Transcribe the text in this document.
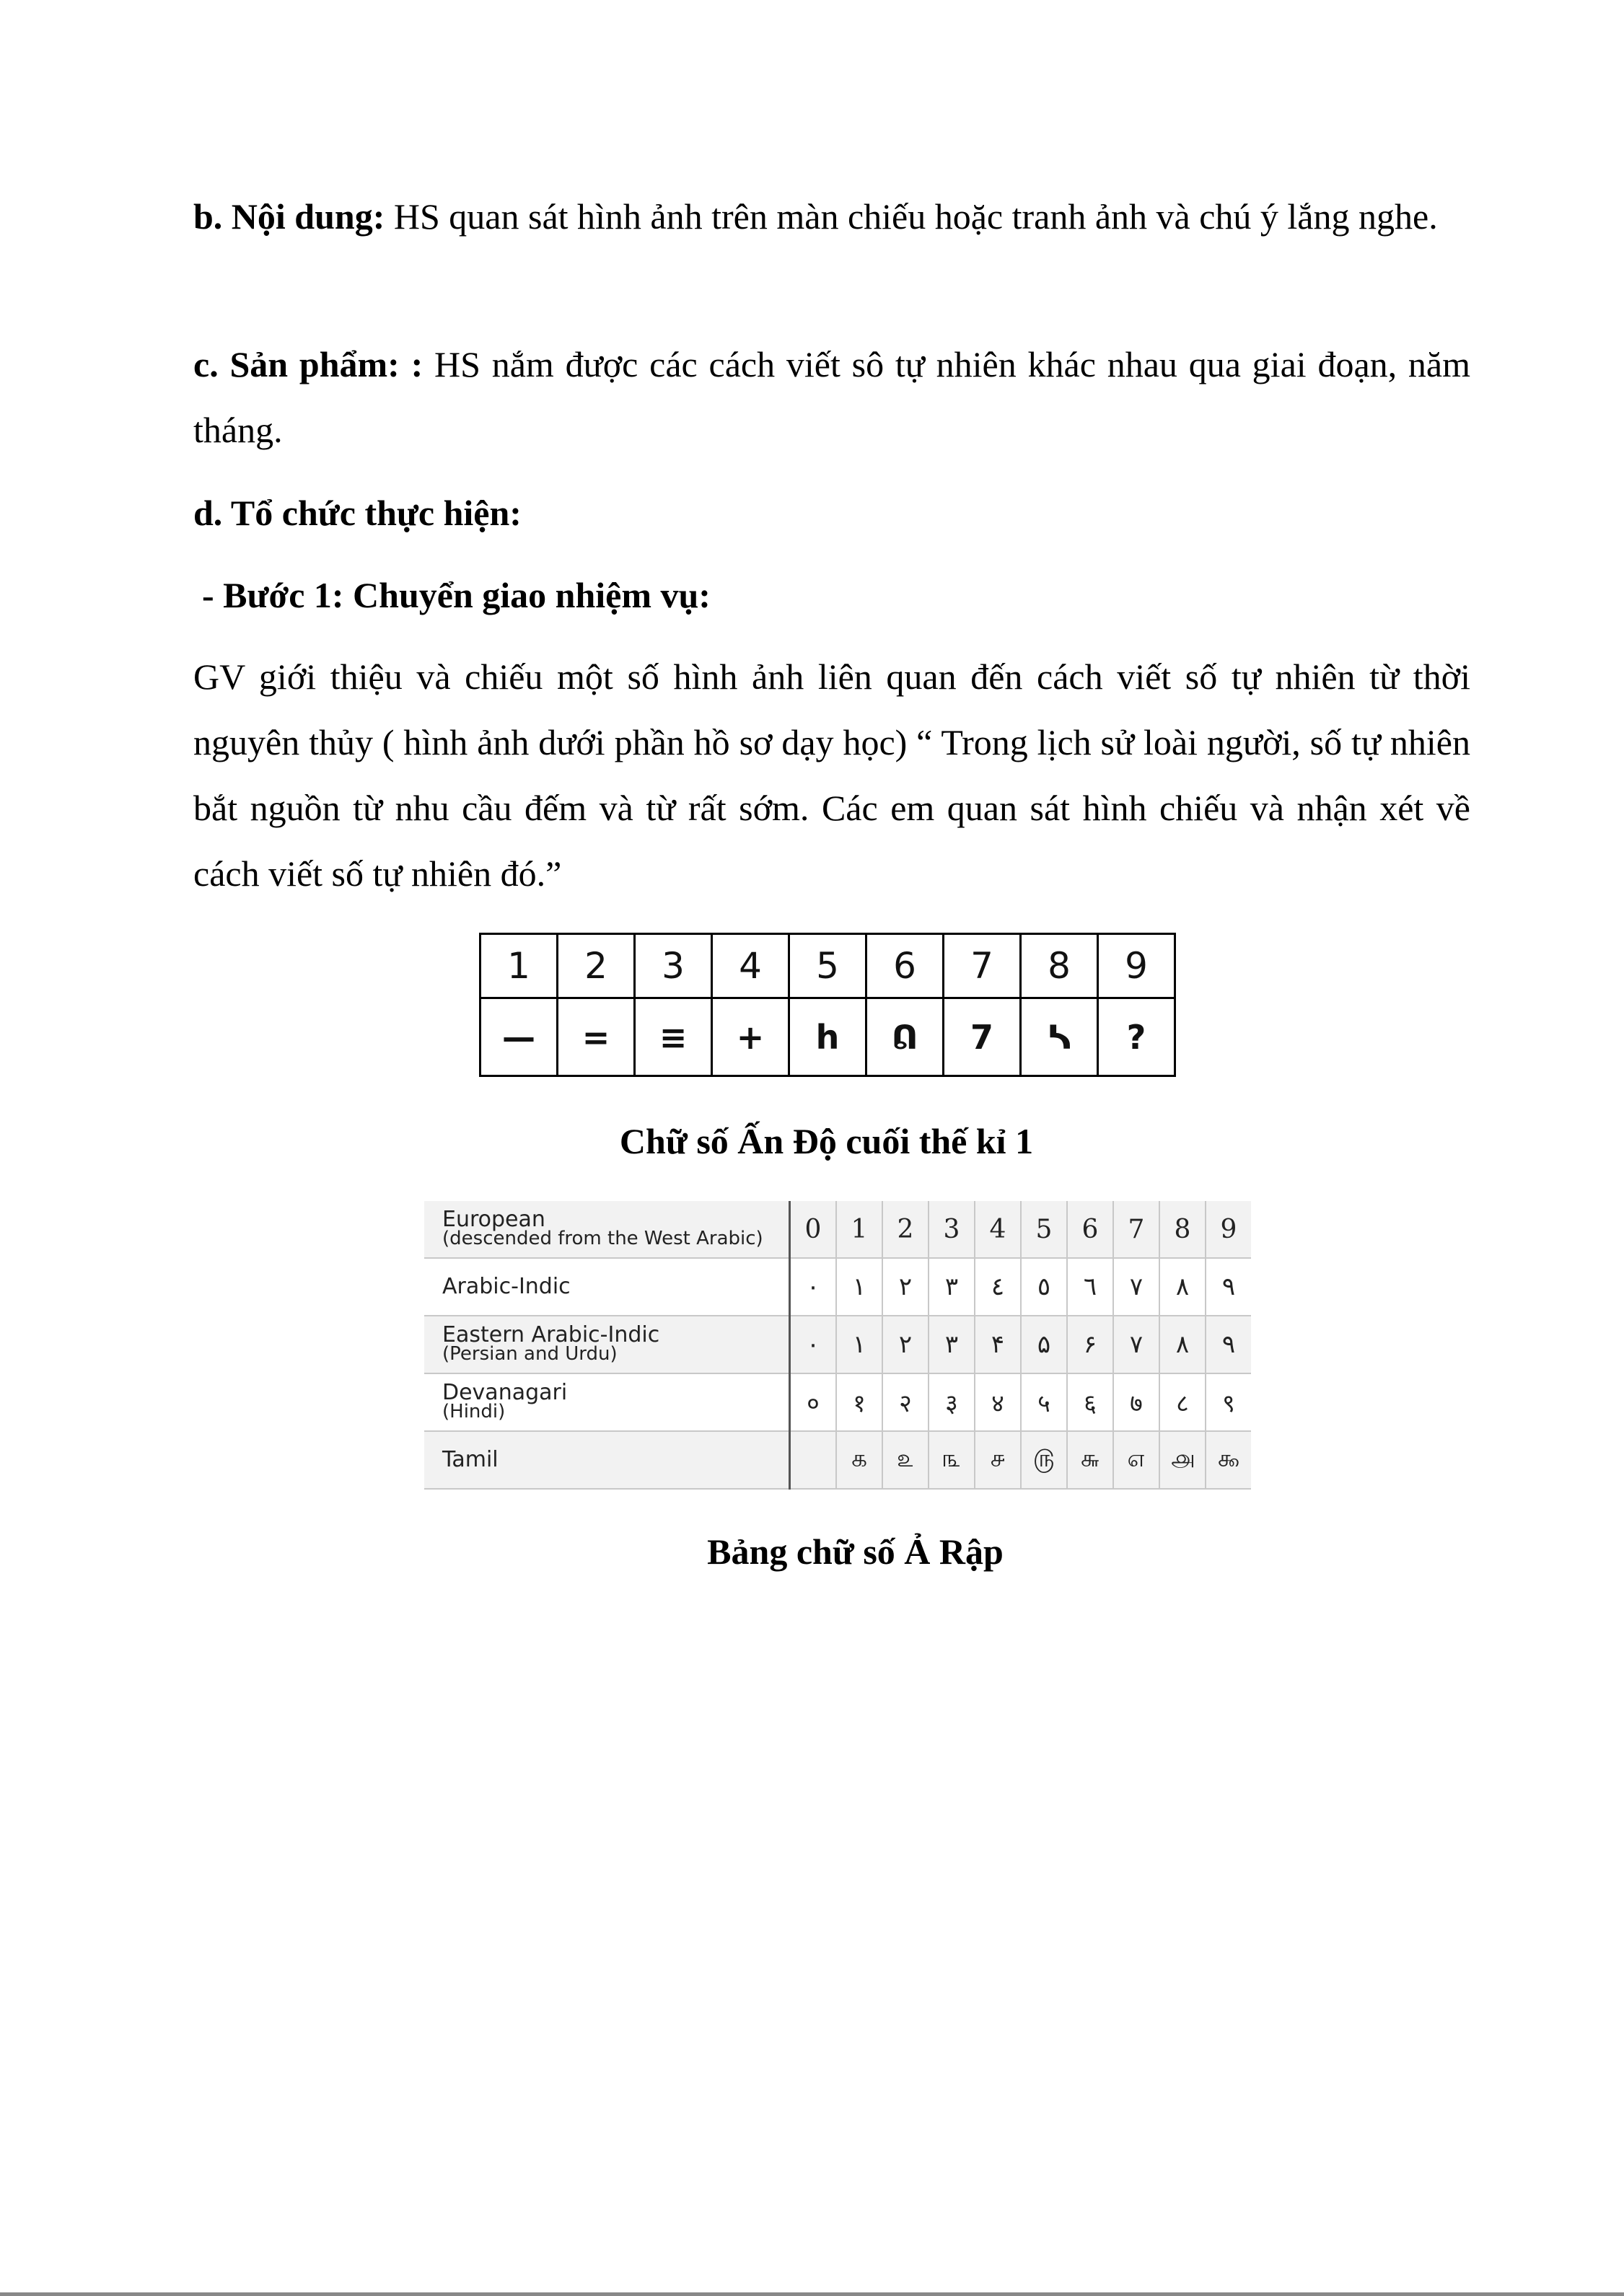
b. Nội dung: HS quan sát hình ảnh trên màn chiếu hoặc tranh ảnh và chú ý lắng nghe.

c. Sản phẩm: : HS nắm được các cách viết sô tự nhiên khác nhau qua giai đoạn, năm tháng.

d. Tổ chức thực hiện:

- Bước 1: Chuyển giao nhiệm vụ:

GV giới thiệu và chiếu một số hình ảnh liên quan đến cách viết số tự nhiên từ thời nguyên thủy ( hình ảnh dưới phần hồ sơ dạy học) “ Trong lịch sử loài người, số tự nhiên bắt nguồn từ nhu cầu đếm và từ rất sớm. Các em quan sát hình chiếu và nhận xét về cách viết số tự nhiên đó.”

1	2	3	4	5	6	7	8	9
—	=	≡	+	h	ᕠ	7	ᓴ	?

Chữ số Ấn Độ cuối thế kỉ 1

European
(descended from the West Arabic)	0	1	2	3	4	5	6	7	8	9
Arabic-Indic	٠	١	٢	٣	٤	٥	٦	٧	٨	٩
Eastern Arabic-Indic
(Persian and Urdu)	٠	١	٢	٣	۴	۵	۶	٧	٨	٩
Devanagari
(Hindi)	०	१	२	३	४	५	६	७	८	९
Tamil		௧	௨	௩	௪	௫	௬	௭	௮	௯

Bảng chữ số Ả Rập
